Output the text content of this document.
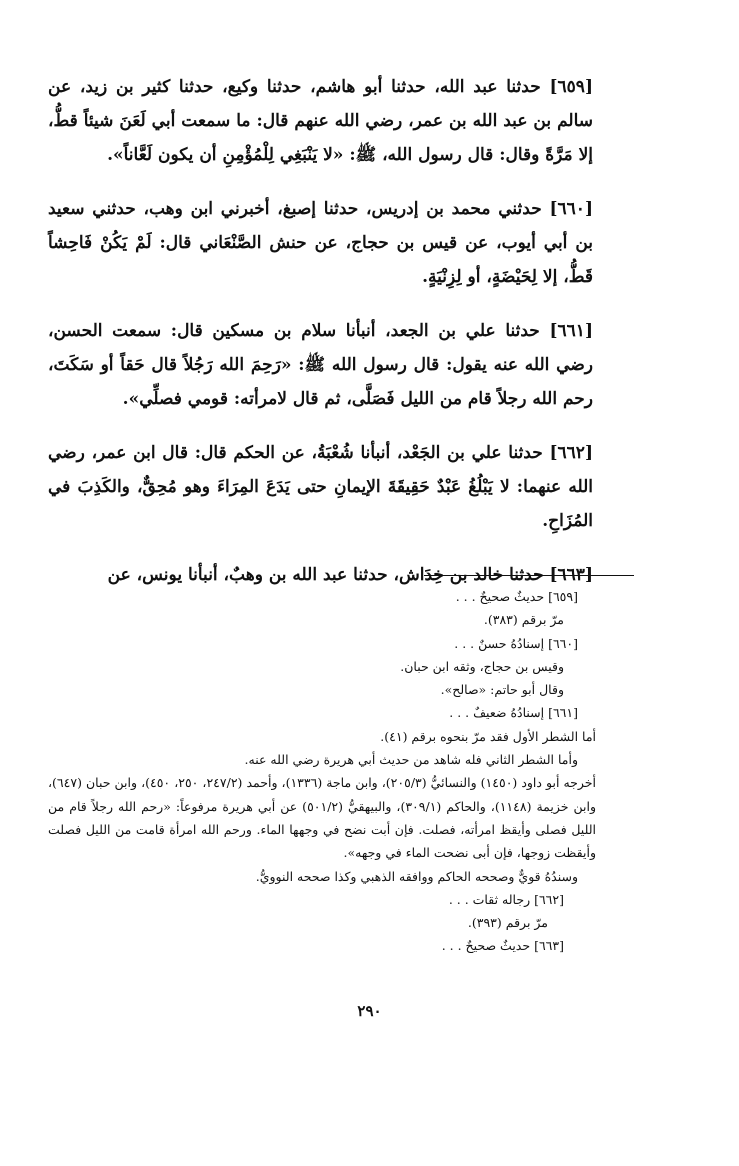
[٦٥٩] حدثنا عبد الله، حدثنا أبو هاشم، حدثنا وكيع، حدثنا كثير بن زيد، عن سالم بن عبد الله بن عمر، رضي الله عنهم قال: ما سمعت أبي لَعَنَ شيئاً قطُّ، إلا مَرَّةً وقال: قال رسول الله، ﷺ: «لا يَنْبَغِي لِلْمُؤْمِنِ أن يكون لَعَّاناً».

[٦٦٠] حدثني محمد بن إدريس، حدثنا إصبغ، أخبرني ابن وهب، حدثني سعيد بن أبي أيوب، عن قيس بن حجاج، عن حنش الصَّنْعَاني قال: لَمْ يَكُنْ فَاحِشاً قَطُّ، إلا لِحَيْضَةٍ، أو لِزِنْيَةٍ.

[٦٦١] حدثنا علي بن الجعد، أنبأنا سلام بن مسكين قال: سمعت الحسن، رضي الله عنه يقول: قال رسول الله ﷺ: «رَحِمَ الله رَجُلاً قال حَقاً أو سَكَتَ، رحم الله رجلاً قام من الليل فَصَلَّى، ثم قال لامرأته: قومي فصلِّي».

[٦٦٢] حدثنا علي بن الجَعْد، أنبأنا شُعْبَةُ، عن الحكم قال: قال ابن عمر، رضي الله عنهما: لا يَبْلُغُ عَبْدٌ حَقِيقَةَ الإيمانِ حتى يَدَعَ المِرَاءَ وهو مُحِقٌّ، والكَذِبَ في المُزَاحِ.

[٦٦٣] حدثنا خالد بن خِدَاش، حدثنا عبد الله بن وهبٌ، أنبأنا يونس، عن

[٦٥٩] حديثٌ صحيحٌ . . .

مرّ برقم (٣٨٣).

[٦٦٠] إسنادُهُ حسنٌ . . .

وقيس بن حجاج، وثقه ابن حبان.

وقال أبو حاتم: «صالح».

[٦٦١] إسنادُهُ ضعيفٌ . . .

أما الشطر الأول فقد مرّ بنحوه برقم (٤١).

وأما الشطر الثاني فله شاهد من حديث أبي هريرة رضي الله عنه.

أخرجه أبو داود (١٤٥٠) والنسائيُّ (٢٠٥/٣)، وابن ماجة (١٣٣٦)، وأحمد (٢٤٧/٢، ٢٥٠، ٤٥٠)، وابن حبان (٦٤٧)، وابن خزيمة (١١٤٨)، والحاكم (٣٠٩/١)، والبيهقيُّ (٥٠١/٢) عن أبي هريرة مرفوعاً: «رحم الله رجلاً قام من الليل فصلى وأيقظ امرأته، فصلت. فإن أبت نضح في وجهها الماء. ورحم الله امرأة قامت من الليل فصلت وأيقظت زوجها، فإن أبى نضحت الماء في وجهه».

وسندُهُ قويٌّ وصححه الحاكم ووافقه الذهبي وكذا صححه النوويُّ.

[٦٦٢] رجاله ثقات . . .

مرّ برقم (٣٩٣).

[٦٦٣] حديثٌ صحيحٌ . . .

٢٩٠
